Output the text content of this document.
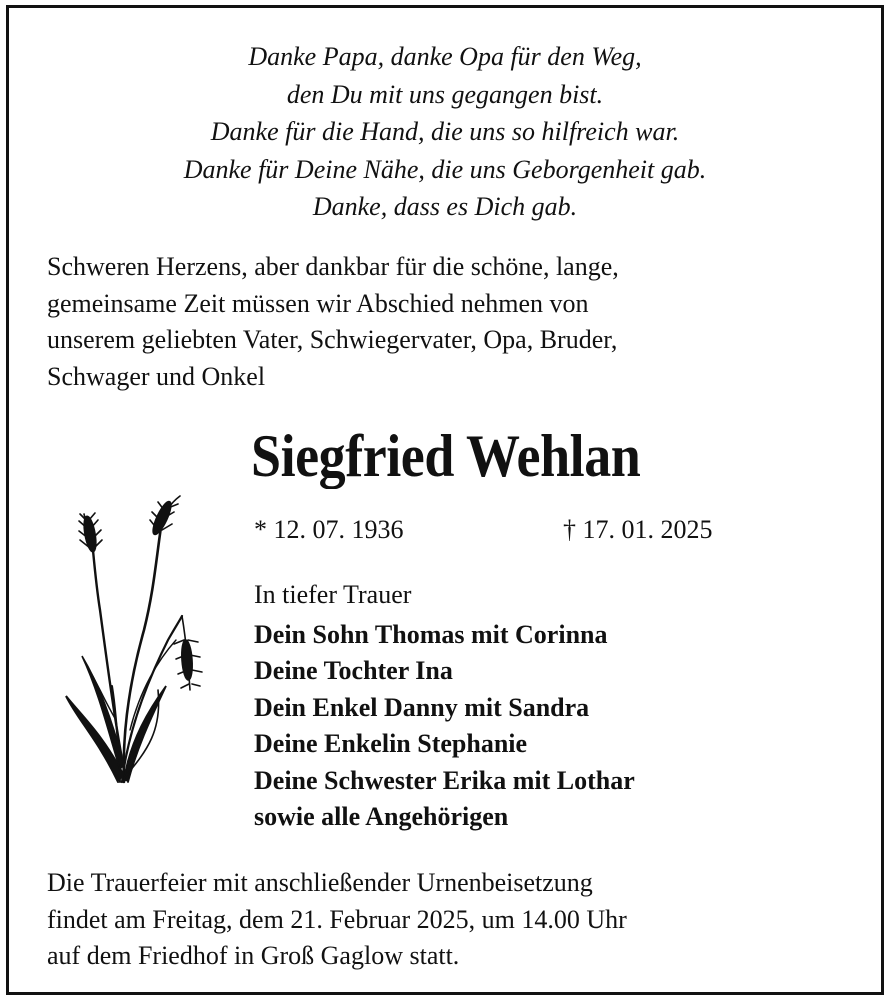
Danke Papa, danke Opa für den Weg,
den Du mit uns gegangen bist.
Danke für die Hand, die uns so hilfreich war.
Danke für Deine Nähe, die uns Geborgenheit gab.
Danke, dass es Dich gab.
Schweren Herzens, aber dankbar für die schöne, lange,
gemeinsame Zeit müssen wir Abschied nehmen von
unserem geliebten Vater, Schwiegervater, Opa, Bruder,
Schwager und Onkel
Siegfried Wehlan
* 12. 07. 1936	† 17. 01. 2025
In tiefer Trauer
Dein Sohn Thomas mit Corinna
Deine Tochter Ina
Dein Enkel Danny mit Sandra
Deine Enkelin Stephanie
Deine Schwester Erika mit Lothar
sowie alle Angehörigen
Die Trauerfeier mit anschließender Urnenbeisetzung
findet am Freitag, dem 21. Februar 2025, um 14.00 Uhr
auf dem Friedhof in Groß Gaglow statt.
